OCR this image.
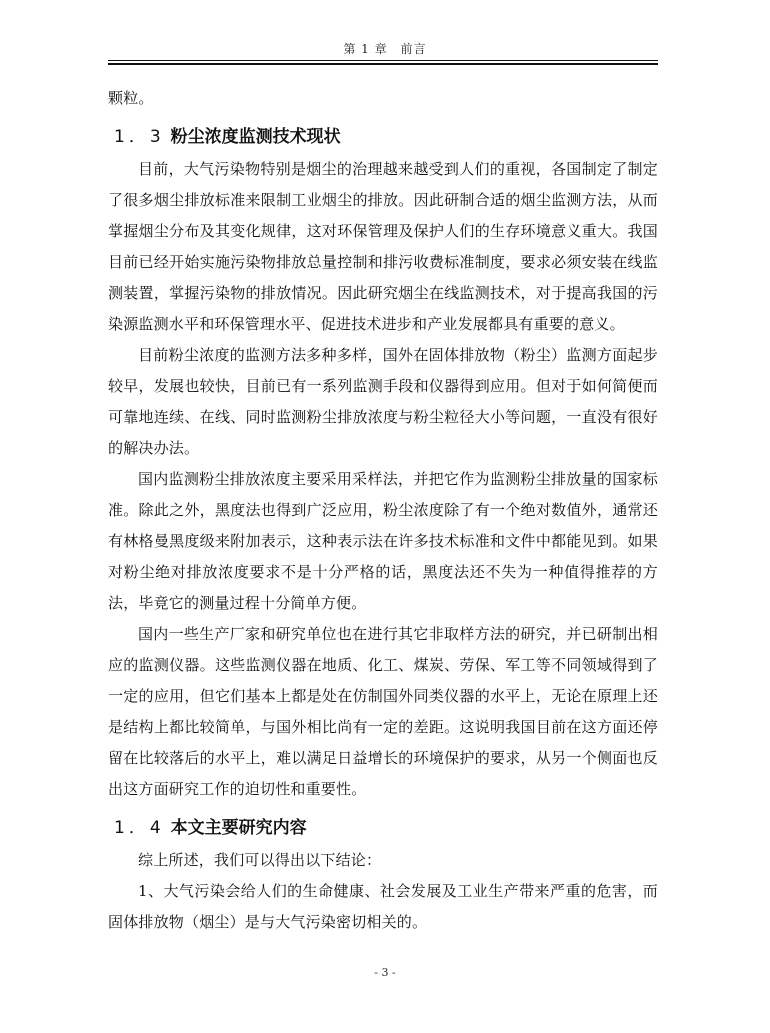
第 1 章　前言

颗粒。

1．3 粉尘浓度监测技术现状

目前，大气污染物特别是烟尘的治理越来越受到人们的重视，各国制定了制定了很多烟尘排放标准来限制工业烟尘的排放。因此研制合适的烟尘监测方法，从而掌握烟尘分布及其变化规律，这对环保管理及保护人们的生存环境意义重大。我国目前已经开始实施污染物排放总量控制和排污收费标准制度，要求必须安装在线监测装置，掌握污染物的排放情况。因此研究烟尘在线监测技术，对于提高我国的污染源监测水平和环保管理水平、促进技术进步和产业发展都具有重要的意义。

目前粉尘浓度的监测方法多种多样，国外在固体排放物（粉尘）监测方面起步较早，发展也较快，目前已有一系列监测手段和仪器得到应用。但对于如何简便而可靠地连续、在线、同时监测粉尘排放浓度与粉尘粒径大小等问题，一直没有很好的解决办法。

国内监测粉尘排放浓度主要采用采样法，并把它作为监测粉尘排放量的国家标准。除此之外，黑度法也得到广泛应用，粉尘浓度除了有一个绝对数值外，通常还有林格曼黑度级来附加表示，这种表示法在许多技术标准和文件中都能见到。如果对粉尘绝对排放浓度要求不是十分严格的话，黑度法还不失为一种值得推荐的方法，毕竟它的测量过程十分简单方便。

国内一些生产厂家和研究单位也在进行其它非取样方法的研究，并已研制出相应的监测仪器。这些监测仪器在地质、化工、煤炭、劳保、军工等不同领域得到了一定的应用，但它们基本上都是处在仿制国外同类仪器的水平上，无论在原理上还是结构上都比较简单，与国外相比尚有一定的差距。这说明我国目前在这方面还停留在比较落后的水平上，难以满足日益增长的环境保护的要求，从另一个侧面也反出这方面研究工作的迫切性和重要性。

1．4 本文主要研究内容

综上所述，我们可以得出以下结论：

1、大气污染会给人们的生命健康、社会发展及工业生产带来严重的危害，而固体排放物（烟尘）是与大气污染密切相关的。

- 3 -
